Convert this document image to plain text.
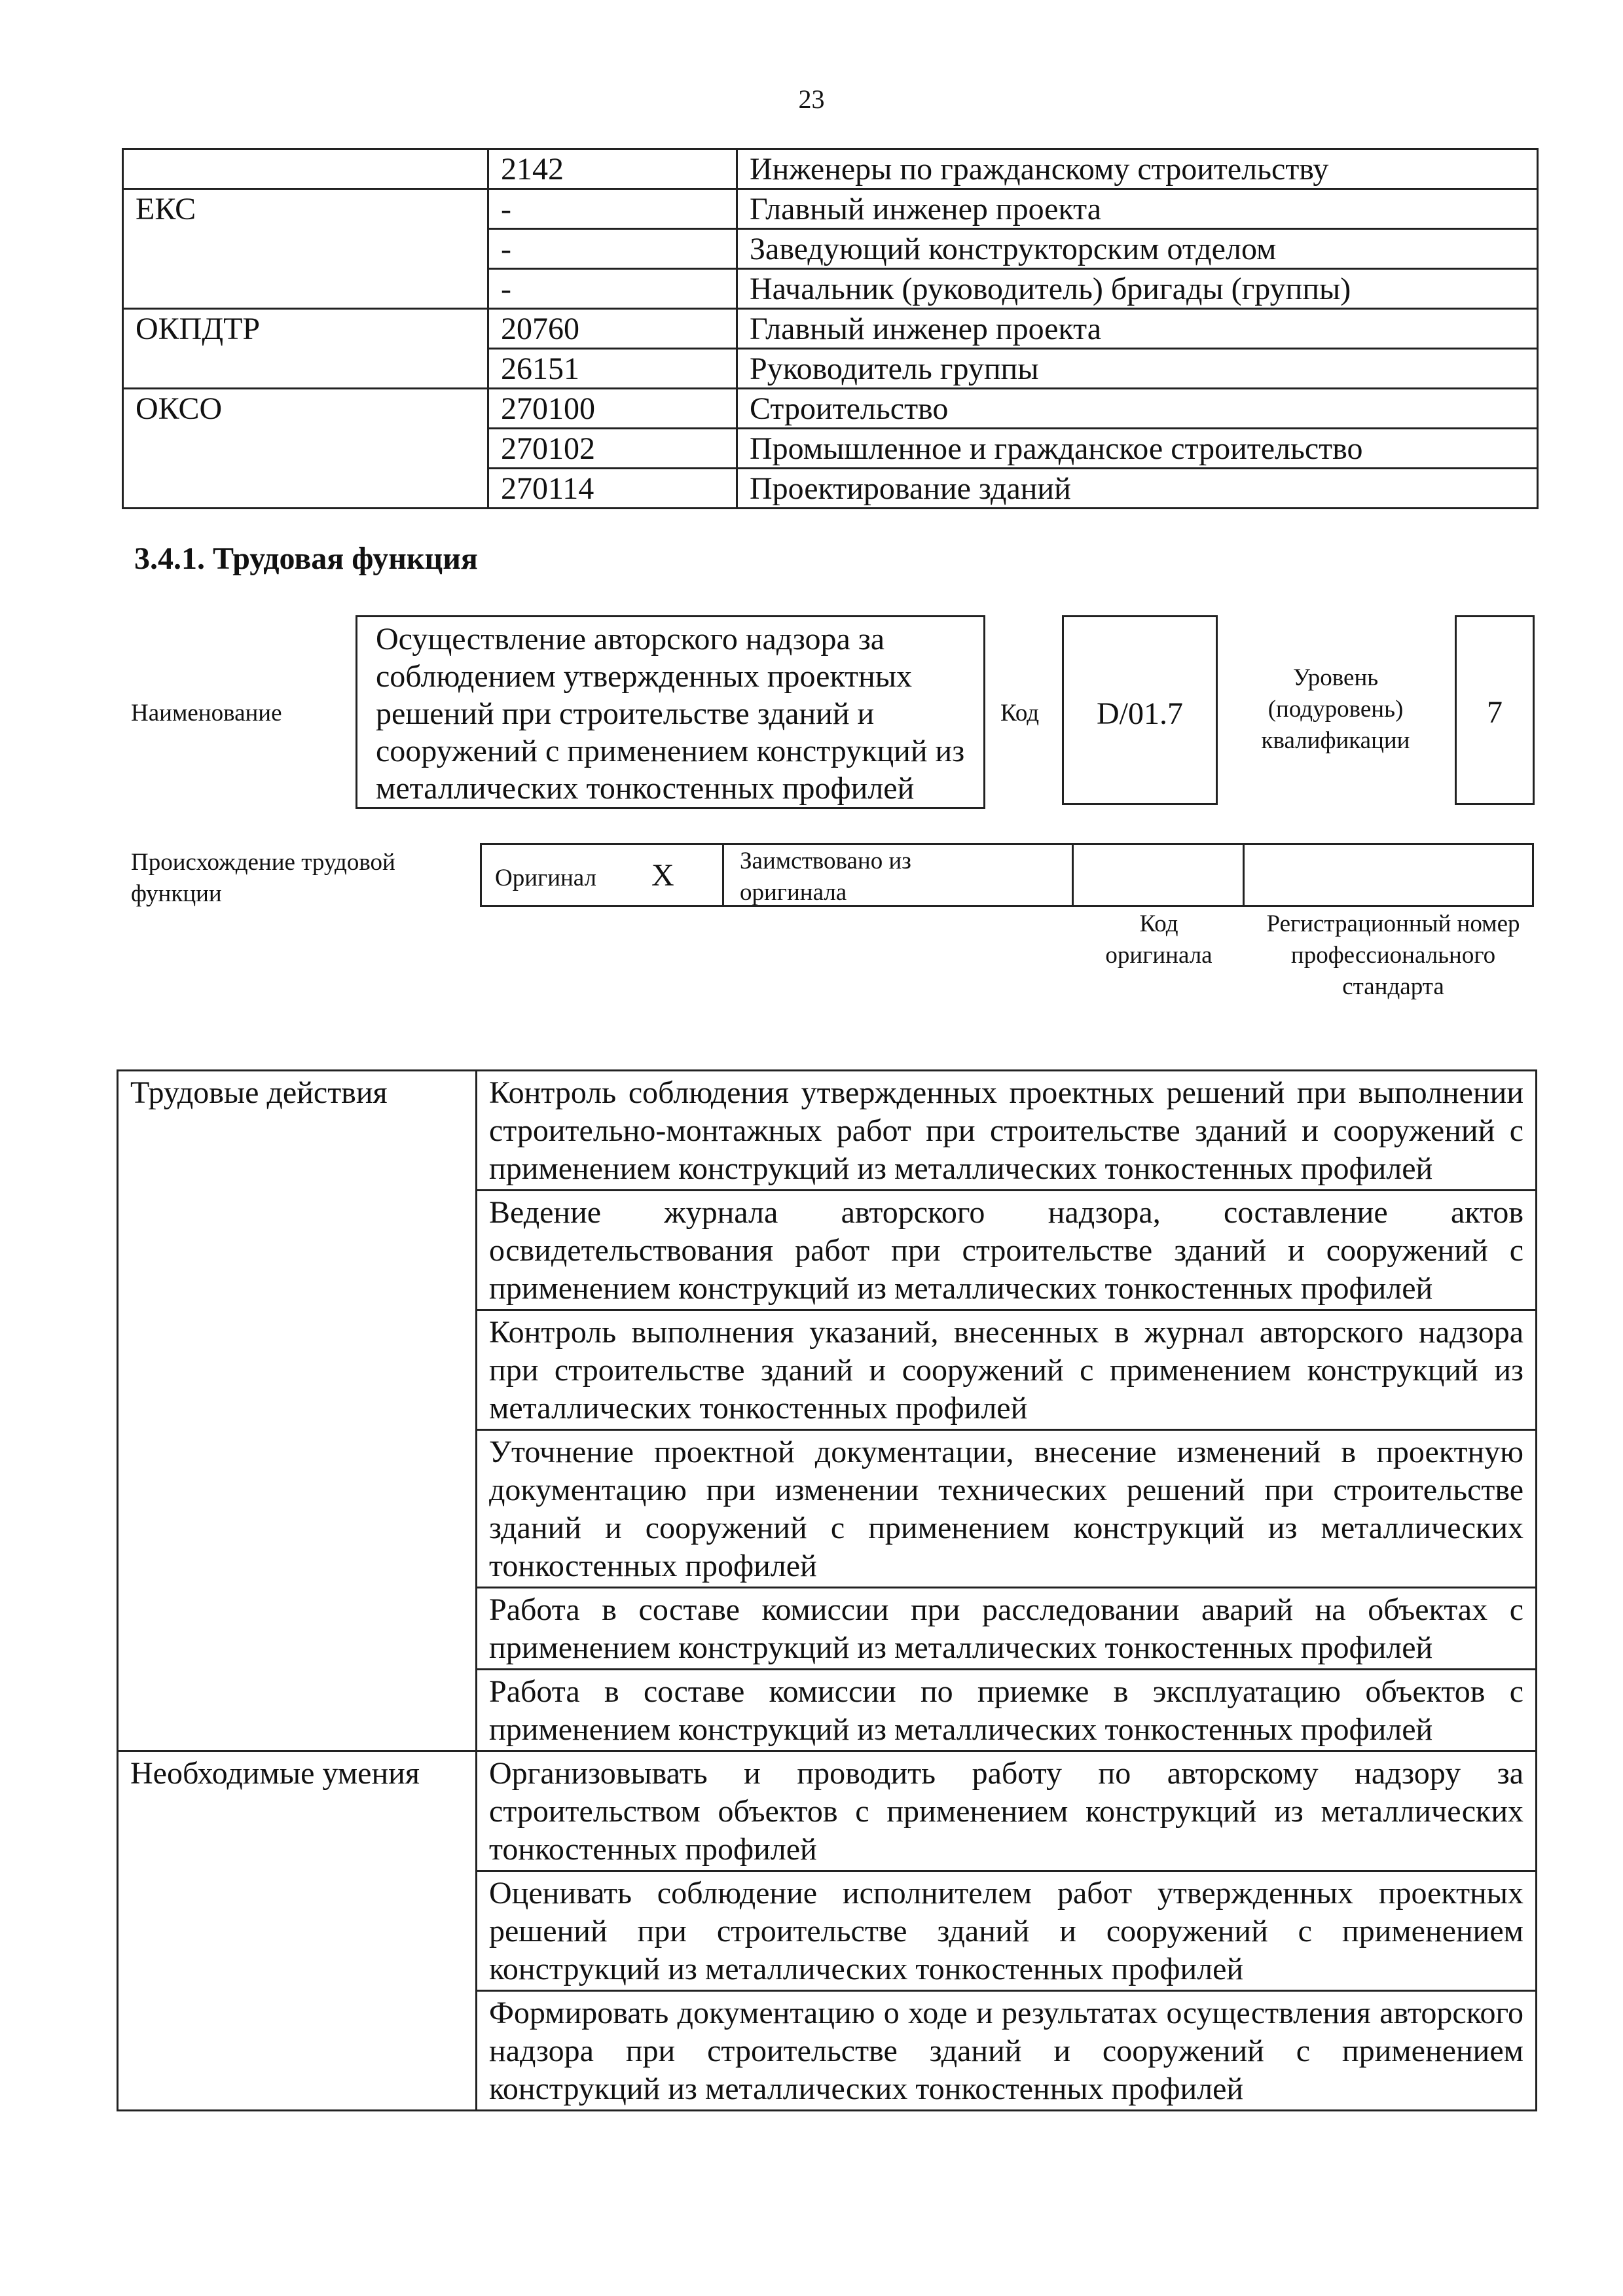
23
	2142	Инженеры по гражданскому строительству
ЕКС	-	Главный инженер проекта
	-	Заведующий конструкторским отделом
	-	Начальник (руководитель) бригады (группы)
ОКПДТР	20760	Главный инженер проекта
	26151	Руководитель группы
ОКСО	270100	Строительство
	270102	Промышленное и гражданское строительство
	270114	Проектирование зданий
3.4.1. Трудовая функция
Наименование
Осуществление авторского надзора за соблюдением утвержденных проектных решений при строительстве зданий и сооружений с применением конструкций из металлических тонкостенных профилей
Код	D/01.7
Уровень (подуровень) квалификации
7
Происхождение трудовой функции
Оригинал X	Заимствовано из оригинала
Код оригинала
Регистрационный номер профессионального стандарта
Трудовые действия	Контроль соблюдения утвержденных проектных решений при выполнении строительно-монтажных работ при строительстве зданий и сооружений с применением конструкций из металлических тонкостенных профилей
	Ведение журнала авторского надзора, составление актов освидетельствования работ при строительстве зданий и сооружений с применением конструкций из металлических тонкостенных профилей
	Контроль выполнения указаний, внесенных в журнал авторского надзора при строительстве зданий и сооружений с применением конструкций из металлических тонкостенных профилей
	Уточнение проектной документации, внесение изменений в проектную документацию при изменении технических решений при строительстве зданий и сооружений с применением конструкций из металлических тонкостенных профилей
	Работа в составе комиссии при расследовании аварий на объектах с применением конструкций из металлических тонкостенных профилей
	Работа в составе комиссии по приемке в эксплуатацию объектов с применением конструкций из металлических тонкостенных профилей
Необходимые умения	Организовывать и проводить работу по авторскому надзору за строительством объектов с применением конструкций из металлических тонкостенных профилей
	Оценивать соблюдение исполнителем работ утвержденных проектных решений при строительстве зданий и сооружений с применением конструкций из металлических тонкостенных профилей
	Формировать документацию о ходе и результатах осуществления авторского надзора при строительстве зданий и сооружений с применением конструкций из металлических тонкостенных профилей
